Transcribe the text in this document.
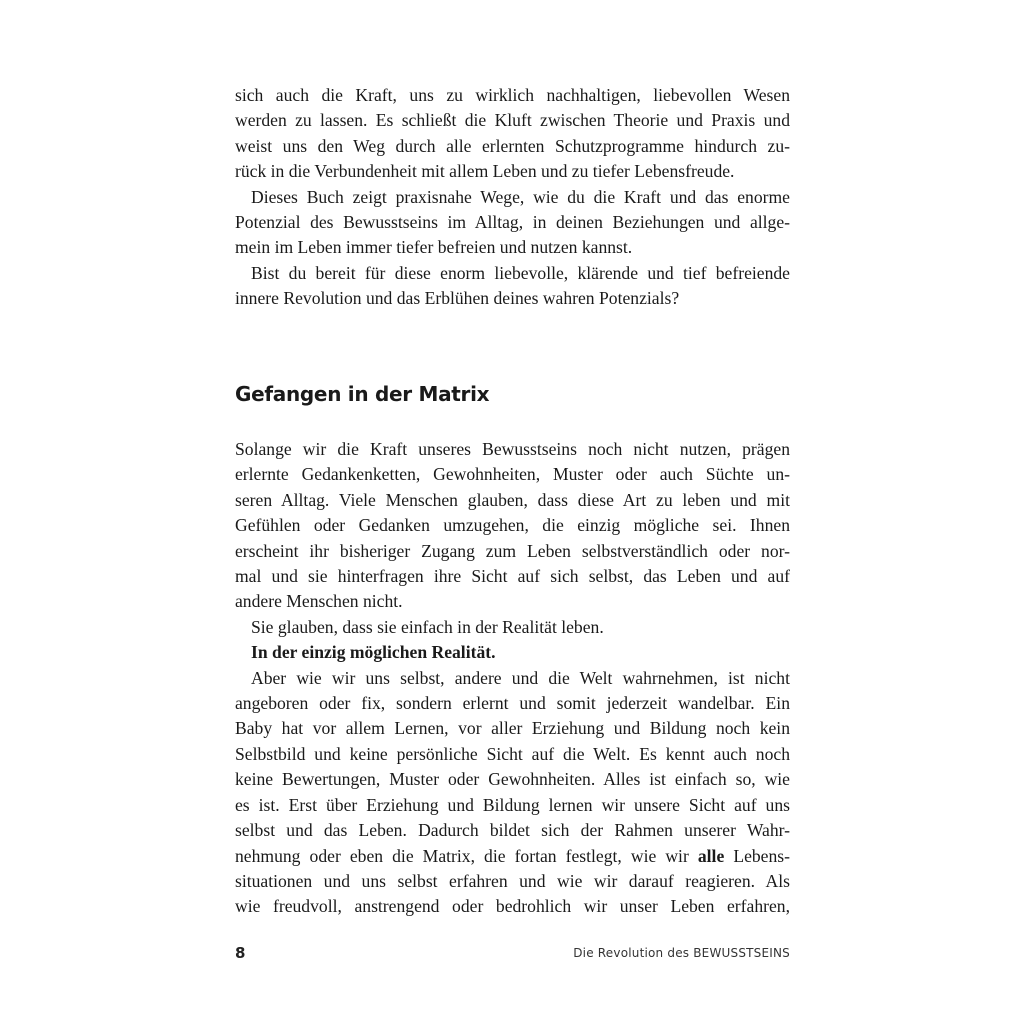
sich auch die Kraft, uns zu wirklich nachhaltigen, liebevollen Wesen
werden zu lassen. Es schließt die Kluft zwischen Theorie und Praxis und
weist uns den Weg durch alle erlernten Schutzprogramme hindurch zu-
rück in die Verbundenheit mit allem Leben und zu tiefer Lebensfreude.
Dieses Buch zeigt praxisnahe Wege, wie du die Kraft und das enorme
Potenzial des Bewusstseins im Alltag, in deinen Beziehungen und allge-
mein im Leben immer tiefer befreien und nutzen kannst.
Bist du bereit für diese enorm liebevolle, klärende und tief befreiende
innere Revolution und das Erblühen deines wahren Potenzials?
Gefangen in der Matrix
Solange wir die Kraft unseres Bewusstseins noch nicht nutzen, prägen
erlernte Gedankenketten, Gewohnheiten, Muster oder auch Süchte un-
seren Alltag. Viele Menschen glauben, dass diese Art zu leben und mit
Gefühlen oder Gedanken umzugehen, die einzig mögliche sei. Ihnen
erscheint ihr bisheriger Zugang zum Leben selbstverständlich oder nor-
mal und sie hinterfragen ihre Sicht auf sich selbst, das Leben und auf
andere Menschen nicht.
Sie glauben, dass sie einfach in der Realität leben.
In der einzig möglichen Realität.
Aber wie wir uns selbst, andere und die Welt wahrnehmen, ist nicht
angeboren oder fix, sondern erlernt und somit jederzeit wandelbar. Ein
Baby hat vor allem Lernen, vor aller Erziehung und Bildung noch kein
Selbstbild und keine persönliche Sicht auf die Welt. Es kennt auch noch
keine Bewertungen, Muster oder Gewohnheiten. Alles ist einfach so, wie
es ist. Erst über Erziehung und Bildung lernen wir unsere Sicht auf uns
selbst und das Leben. Dadurch bildet sich der Rahmen unserer Wahr-
nehmung oder eben die Matrix, die fortan festlegt, wie wir alle Lebens-
situationen und uns selbst erfahren und wie wir darauf reagieren. Als
wie freudvoll, anstrengend oder bedrohlich wir unser Leben erfahren,
8	Die Revolution des BEWUSSTSEINS
